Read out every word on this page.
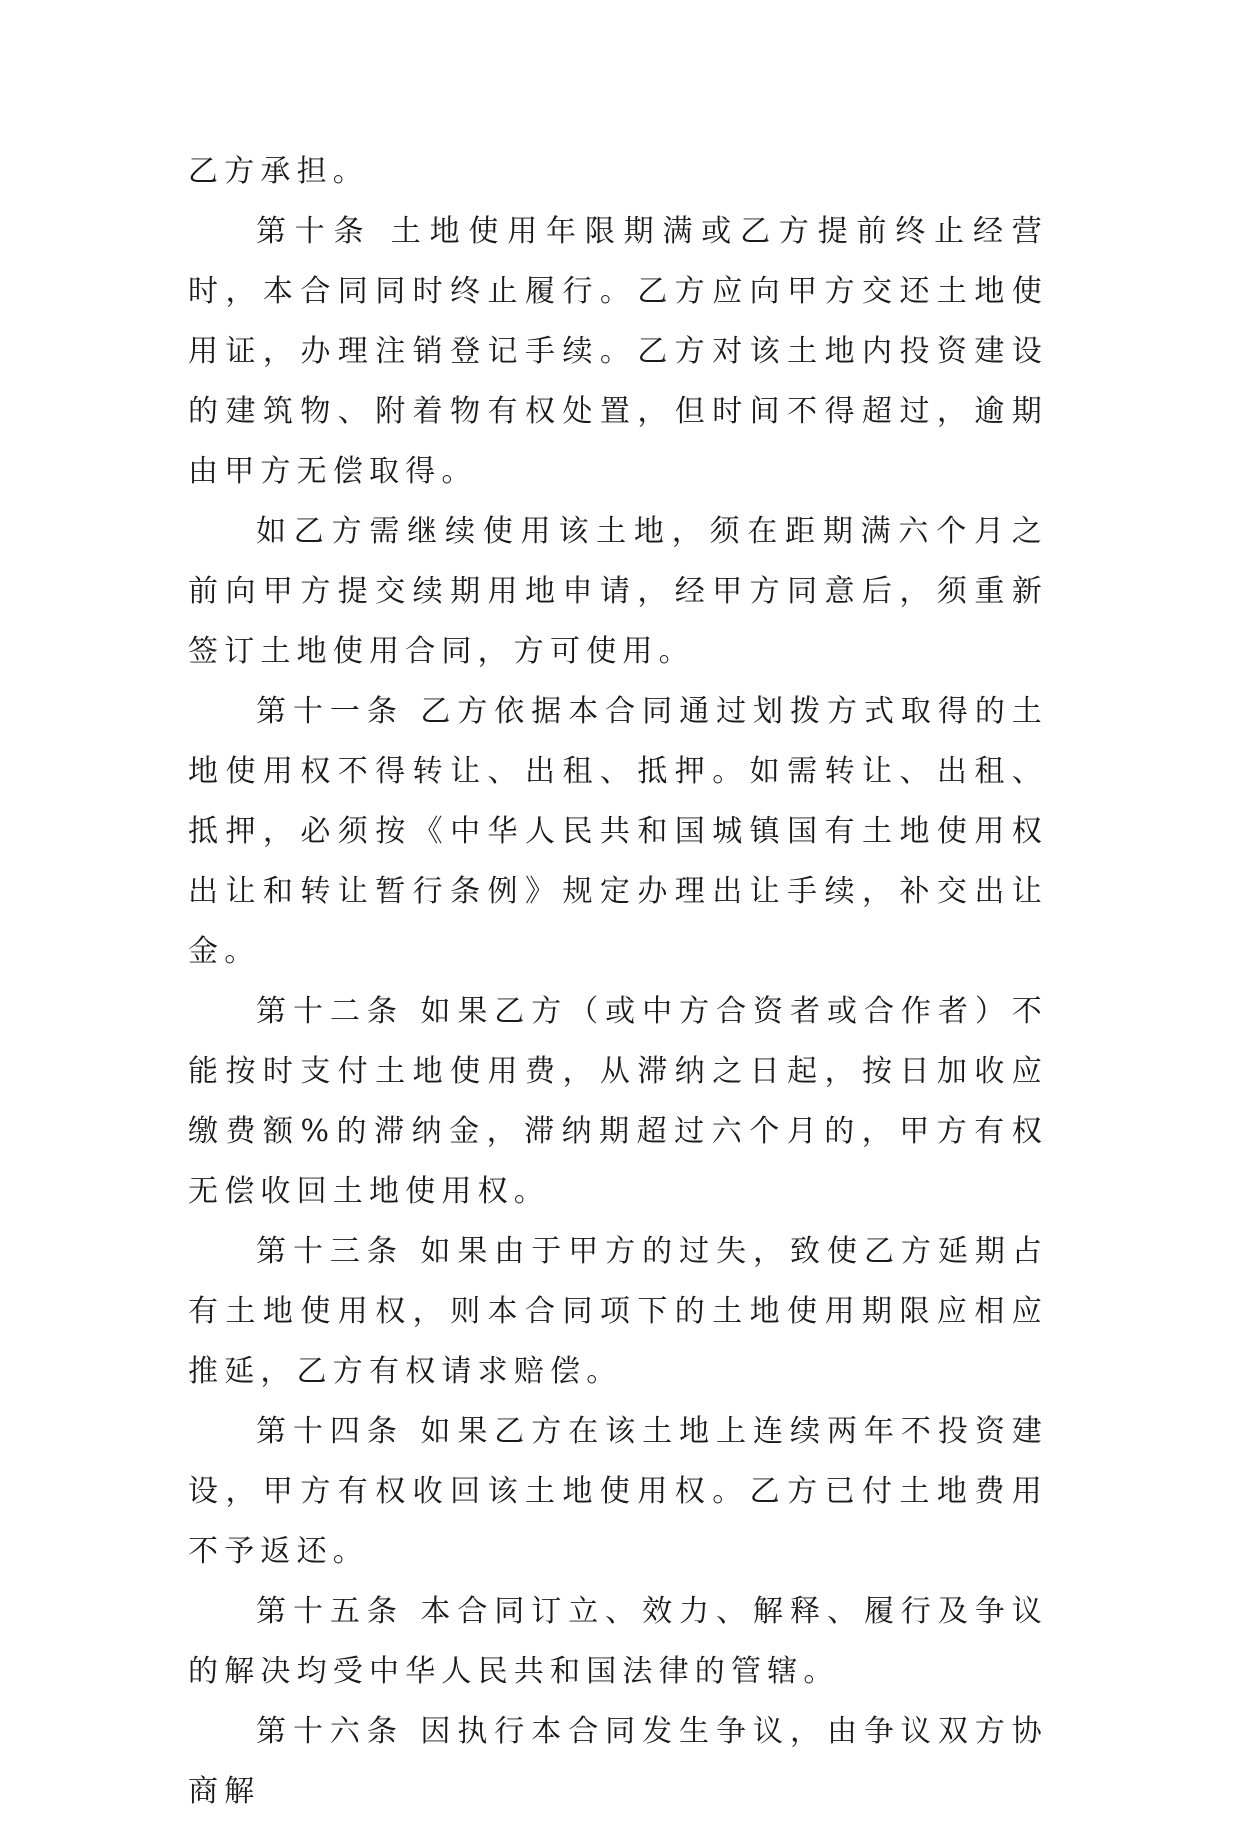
乙方承担。

第十条 土地使用年限期满或乙方提前终止经营时，本合同同时终止履行。乙方应向甲方交还土地使用证，办理注销登记手续。乙方对该土地内投资建设的建筑物、附着物有权处置，但时间不得超过，逾期由甲方无偿取得。

如乙方需继续使用该土地，须在距期满六个月之前向甲方提交续期用地申请，经甲方同意后，须重新签订土地使用合同，方可使用。

第十一条 乙方依据本合同通过划拨方式取得的土地使用权不得转让、出租、抵押。如需转让、出租、抵押，必须按《中华人民共和国城镇国有土地使用权出让和转让暂行条例》规定办理出让手续，补交出让金。

第十二条 如果乙方（或中方合资者或合作者）不能按时支付土地使用费，从滞纳之日起，按日加收应缴费额%的滞纳金，滞纳期超过六个月的，甲方有权无偿收回土地使用权。

第十三条 如果由于甲方的过失，致使乙方延期占有土地使用权，则本合同项下的土地使用期限应相应推延，乙方有权请求赔偿。

第十四条 如果乙方在该土地上连续两年不投资建设，甲方有权收回该土地使用权。乙方已付土地费用不予返还。

第十五条 本合同订立、效力、解释、履行及争议的解决均受中华人民共和国法律的管辖。

第十六条 因执行本合同发生争议，由争议双方协商解
